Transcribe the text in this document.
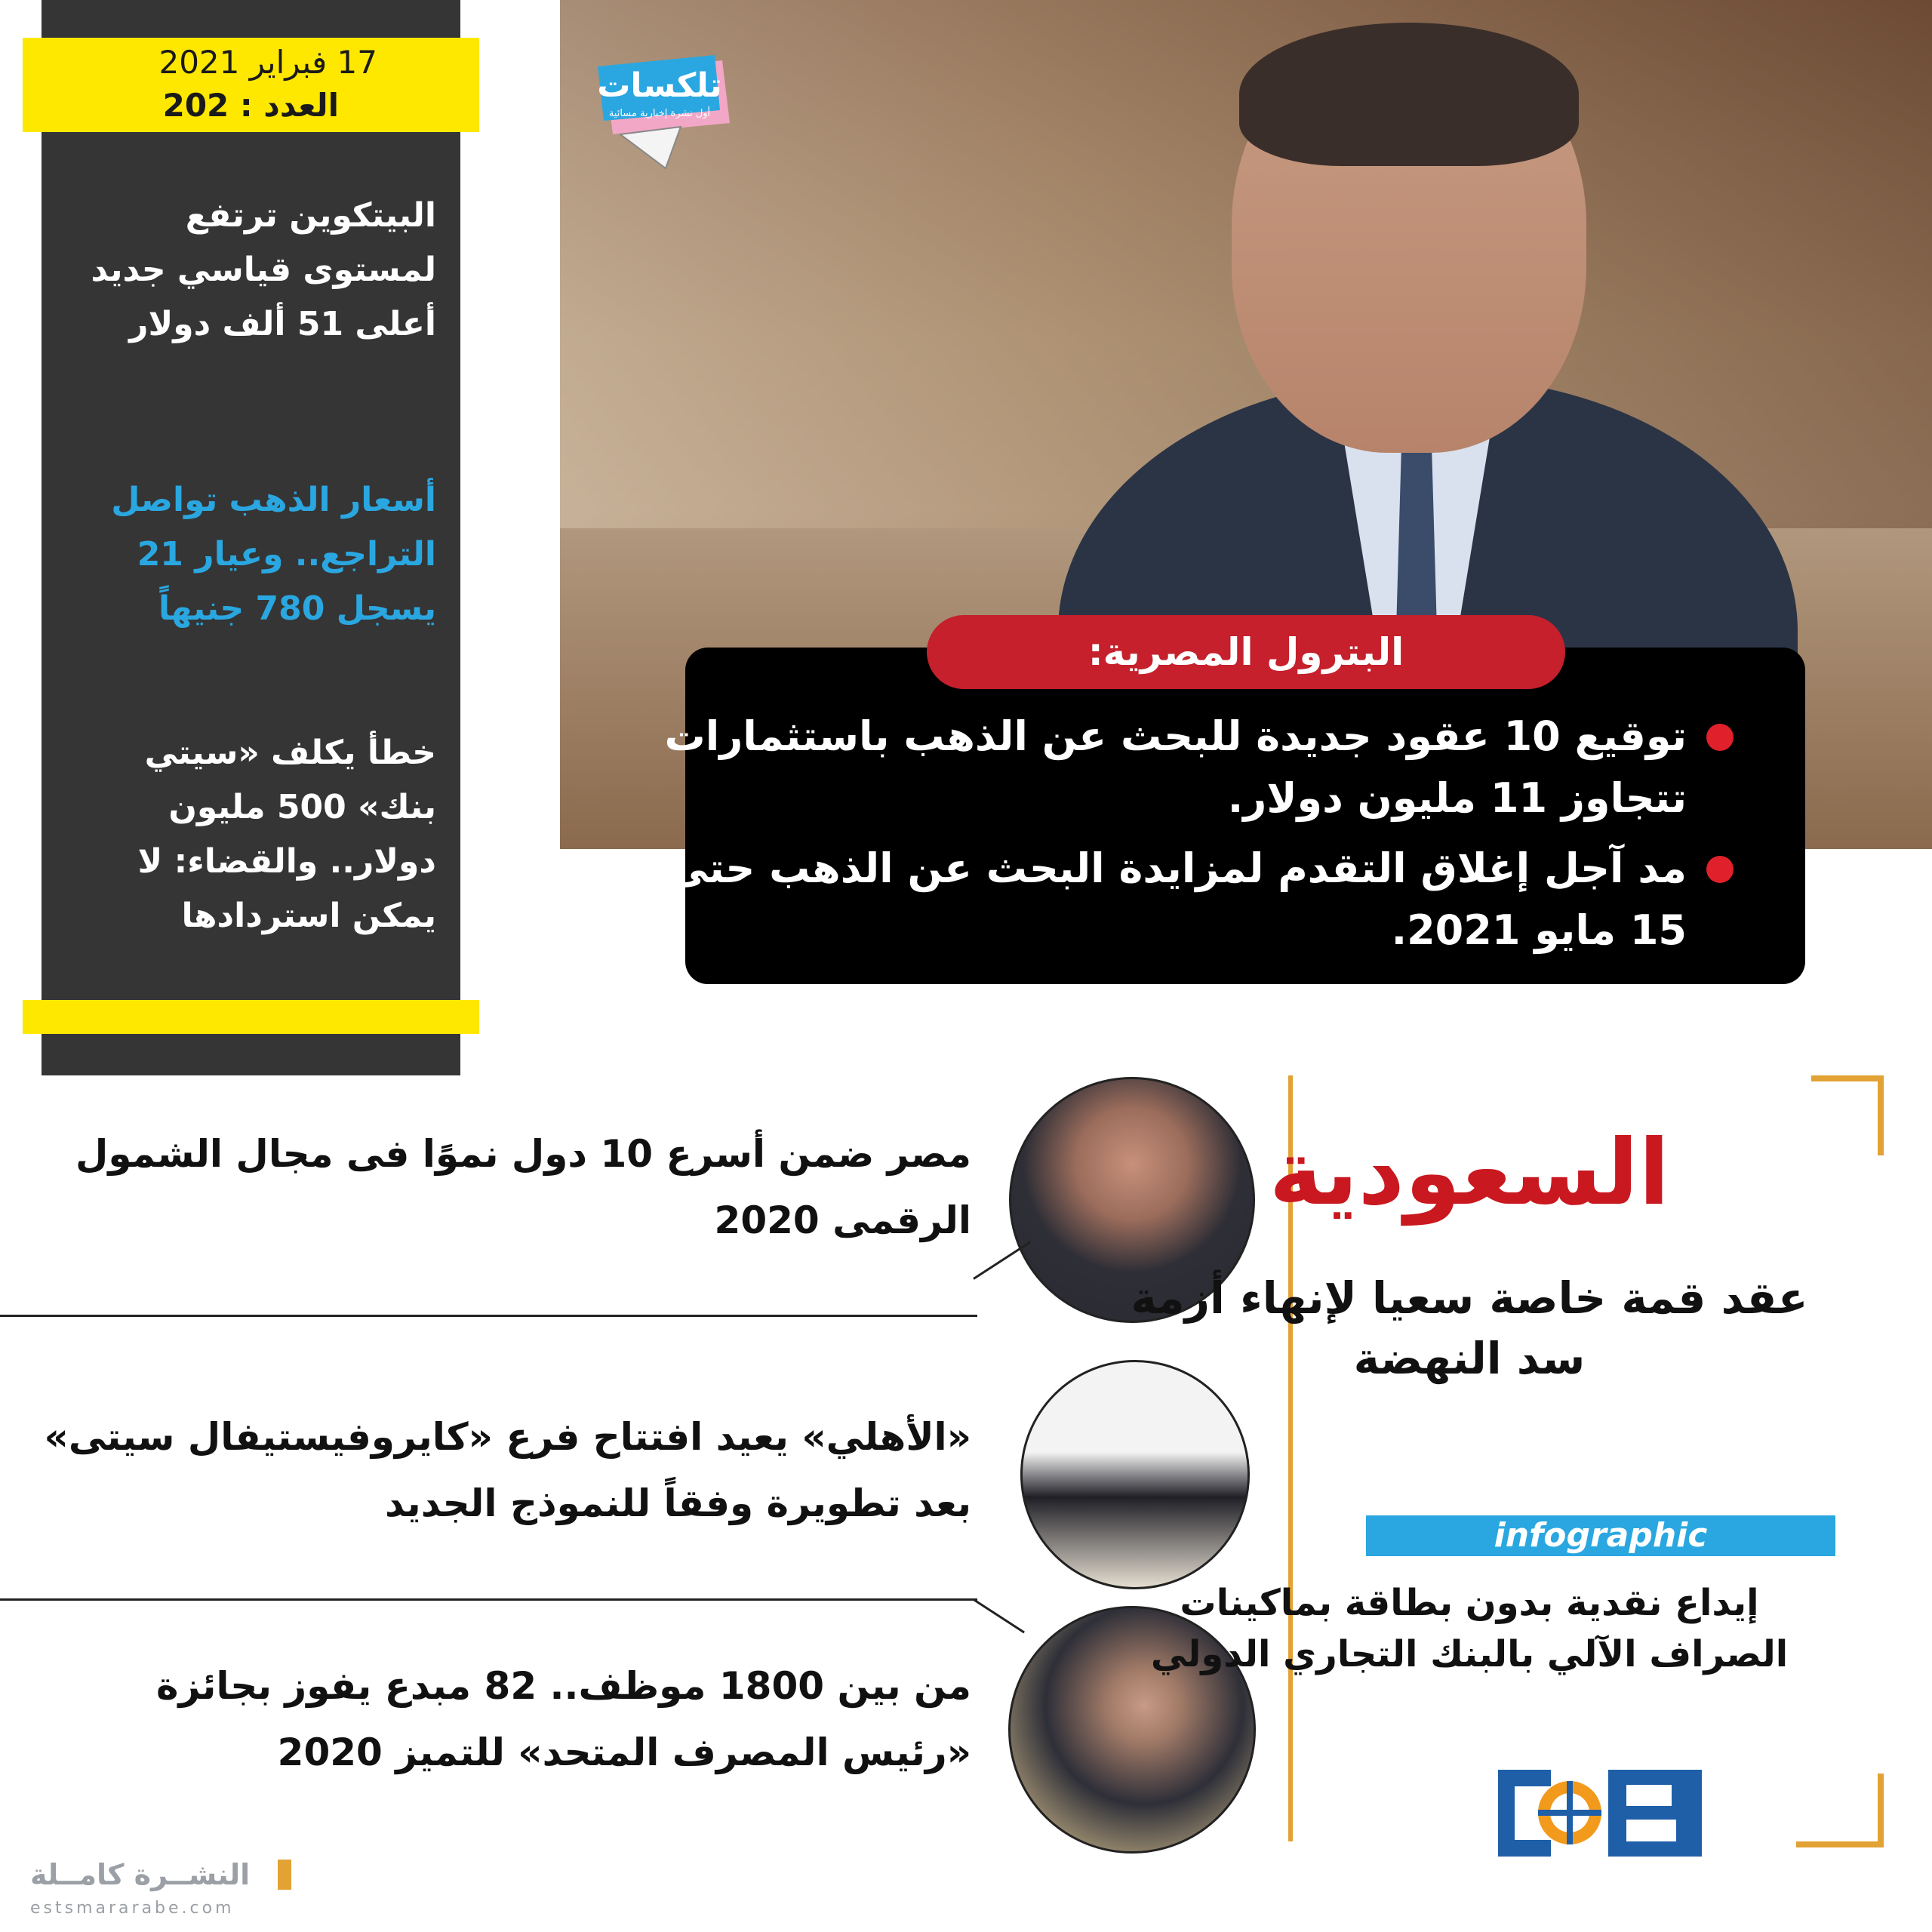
17 فبراير 2021
العدد : 202
البيتكوين ترتفع لمستوى قياسي جديد أعلى 51 ألف دولار
أسعار الذهب تواصل التراجع.. وعيار 21 يسجل 780 جنيهاً
خطأ يكلف «سيتي بنك» 500 مليون دولار.. والقضاء: لا يمكن استردادها
تلكسات
أول نشرة إخبارية مسائية
البترول المصرية:
توقيع 10 عقود جديدة للبحث عن الذهب باستثمارات تتجاوز 11 مليون دولار.
مد آجل إغلاق التقدم لمزايدة البحث عن الذهب حتى 15 مايو 2021.
مصر ضمن أسرع 10 دول نموًا فى مجال الشمول الرقمى 2020
«الأهلي» يعيد افتتاح فرع «كايروفيستيفال سيتى» بعد تطويرة وفقاً للنموذج الجديد
من بين 1800 موظف.. 82 مبدع يفوز بجائزة «رئيس المصرف المتحد» للتميز 2020
السعودية
عقد قمة خاصة سعيا لإنهاء أزمة سد النهضة
infographic
إيداع نقدية بدون بطاقة بماكينات الصراف الآلي بالبنك التجاري الدولي
النشــرة كامــلة
estsmararabe.com
